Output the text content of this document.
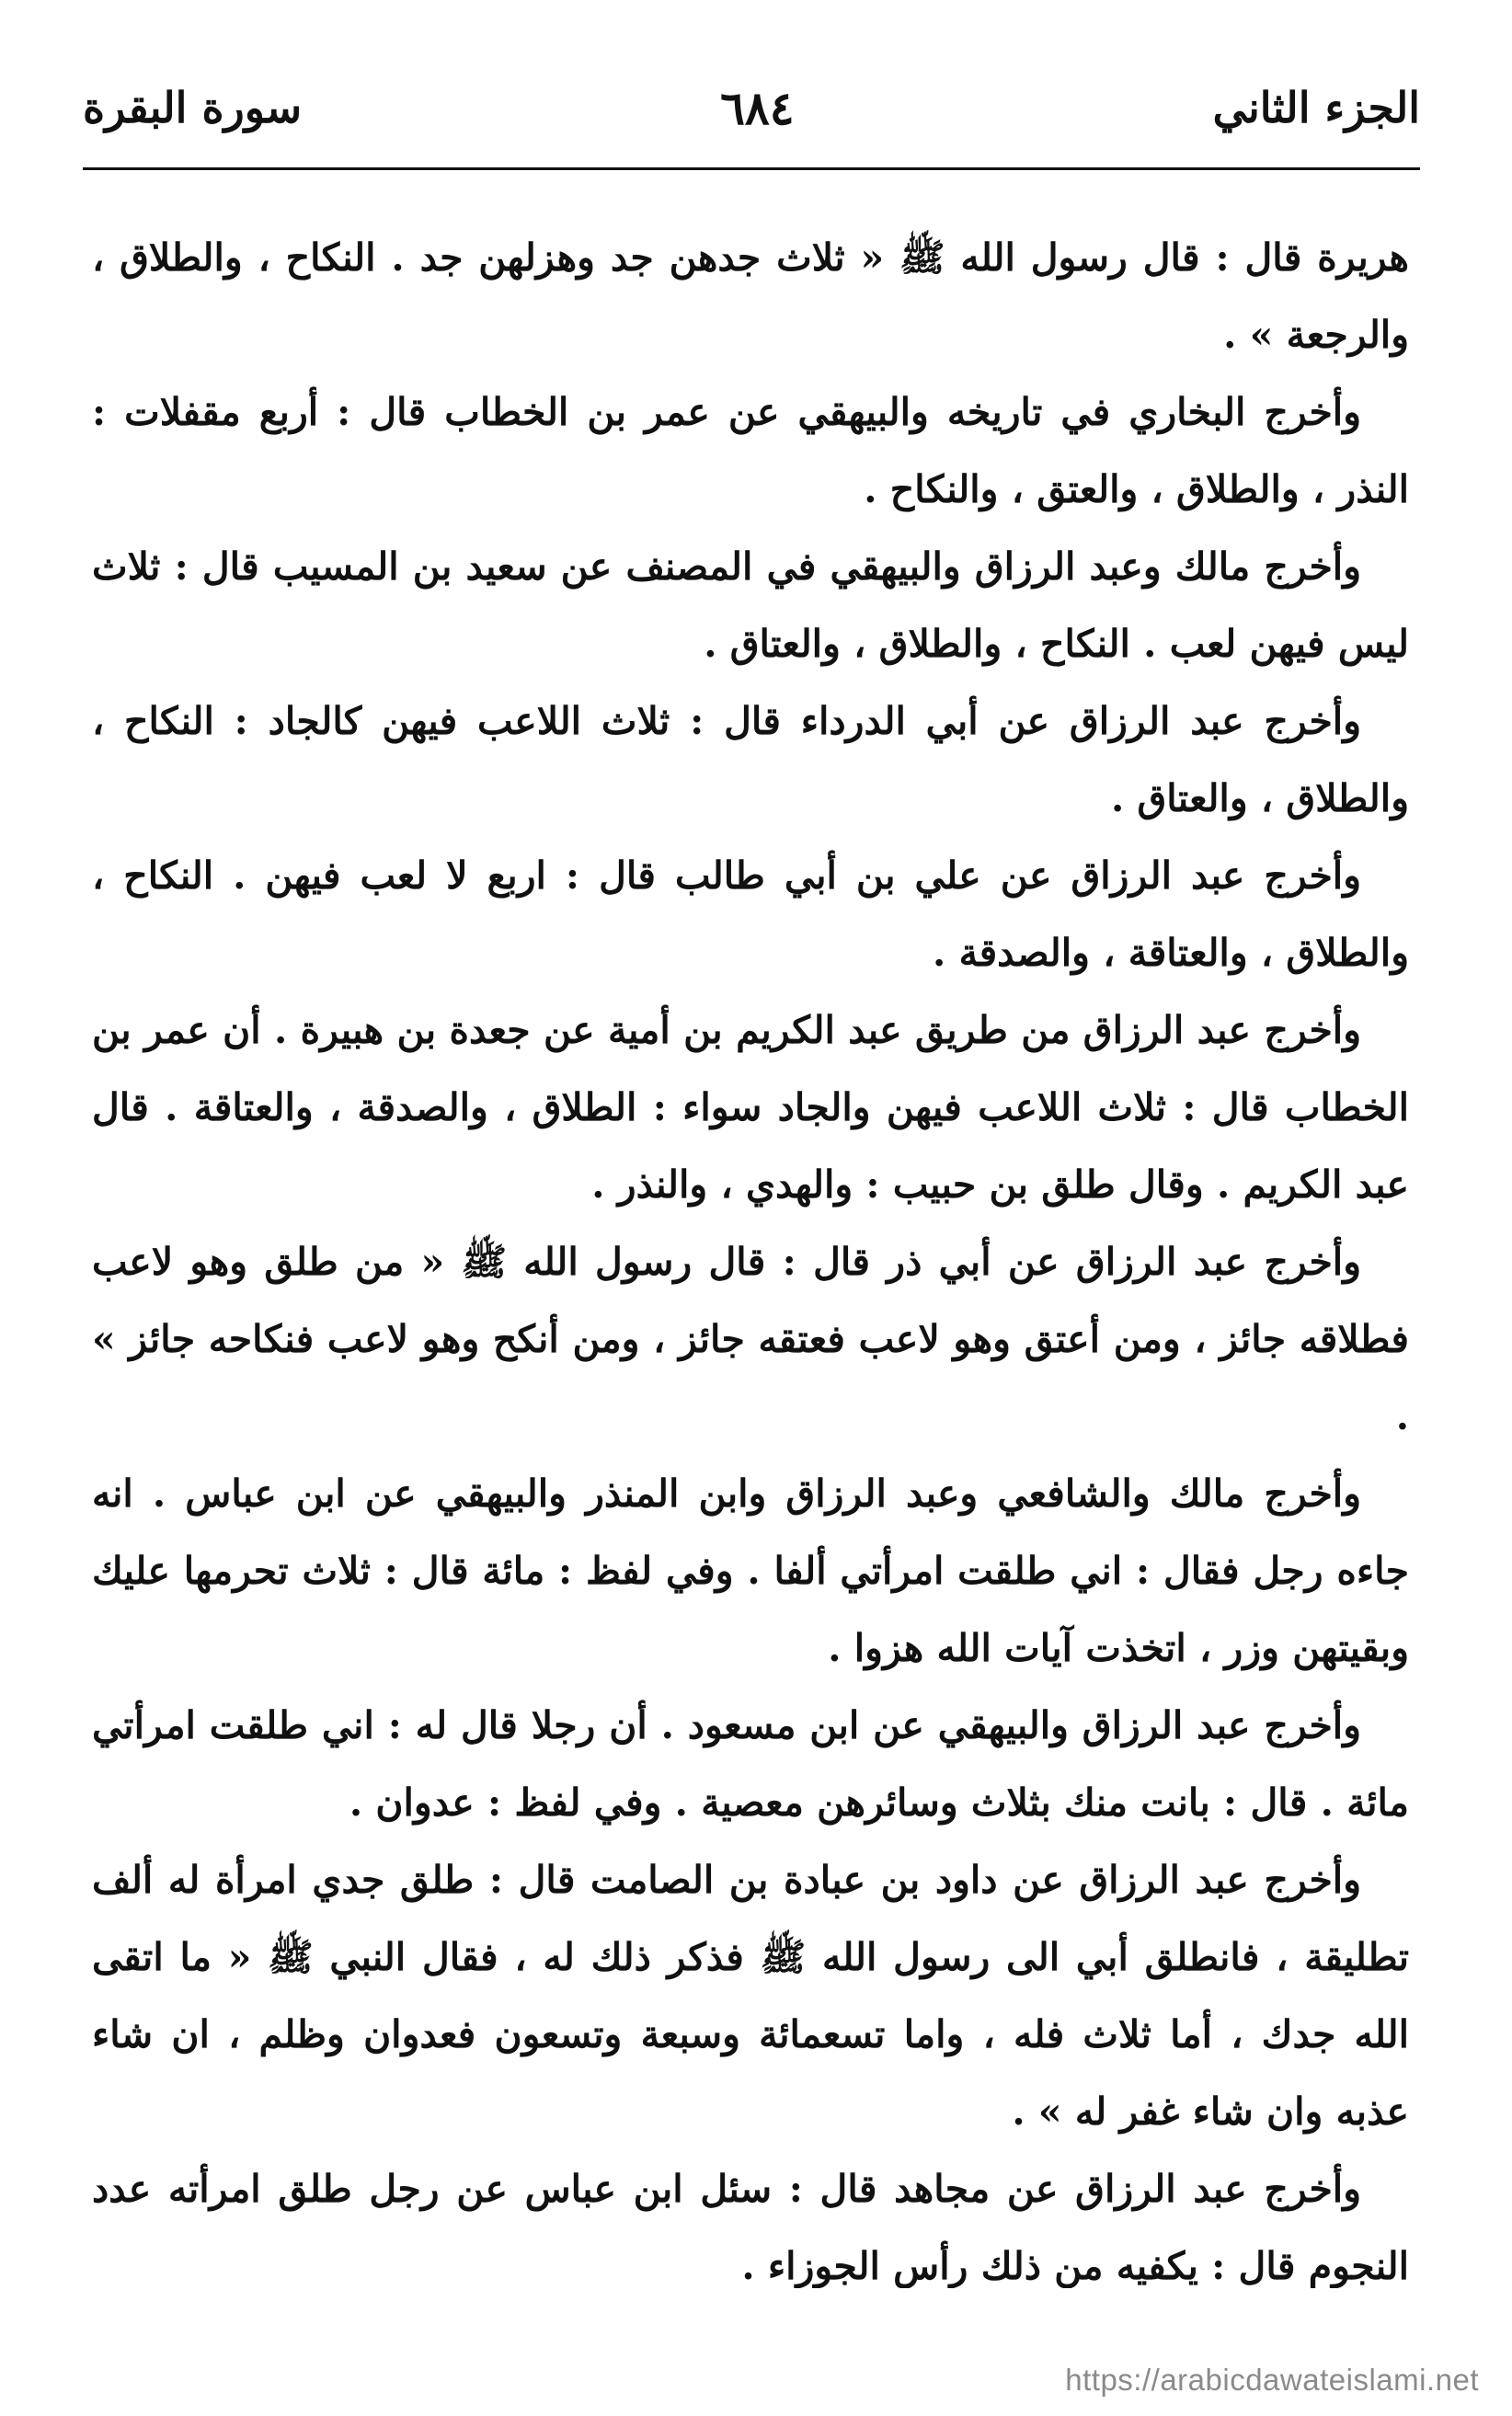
الجزء الثاني
٦٨٤
سورة البقرة

هريرة قال : قال رسول الله ﷺ « ثلاث جدهن جد وهزلهن جد . النكاح ، والطلاق ، والرجعة » .

وأخرج البخاري في تاريخه والبيهقي عن عمر بن الخطاب قال : أربع مقفلات : النذر ، والطلاق ، والعتق ، والنكاح .

وأخرج مالك وعبد الرزاق والبيهقي في المصنف عن سعيد بن المسيب قال : ثلاث ليس فيهن لعب . النكاح ، والطلاق ، والعتاق .

وأخرج عبد الرزاق عن أبي الدرداء قال : ثلاث اللاعب فيهن كالجاد : النكاح ، والطلاق ، والعتاق .

وأخرج عبد الرزاق عن علي بن أبي طالب قال : اربع لا لعب فيهن . النكاح ، والطلاق ، والعتاقة ، والصدقة .

وأخرج عبد الرزاق من طريق عبد الكريم بن أمية عن جعدة بن هبيرة . أن عمر بن الخطاب قال : ثلاث اللاعب فيهن والجاد سواء : الطلاق ، والصدقة ، والعتاقة . قال عبد الكريم . وقال طلق بن حبيب : والهدي ، والنذر .

وأخرج عبد الرزاق عن أبي ذر قال : قال رسول الله ﷺ « من طلق وهو لاعب فطلاقه جائز ، ومن أعتق وهو لاعب فعتقه جائز ، ومن أنكح وهو لاعب فنكاحه جائز » .

وأخرج مالك والشافعي وعبد الرزاق وابن المنذر والبيهقي عن ابن عباس . انه جاءه رجل فقال : اني طلقت امرأتي ألفا . وفي لفظ : مائة قال : ثلاث تحرمها عليك وبقيتهن وزر ، اتخذت آيات الله هزوا .

وأخرج عبد الرزاق والبيهقي عن ابن مسعود . أن رجلا قال له : اني طلقت امرأتي مائة . قال : بانت منك بثلاث وسائرهن معصية . وفي لفظ : عدوان .

وأخرج عبد الرزاق عن داود بن عبادة بن الصامت قال : طلق جدي امرأة له ألف تطليقة ، فانطلق أبي الى رسول الله ﷺ فذكر ذلك له ، فقال النبي ﷺ « ما اتقى الله جدك ، أما ثلاث فله ، واما تسعمائة وسبعة وتسعون فعدوان وظلم ، ان شاء عذبه وان شاء غفر له » .

وأخرج عبد الرزاق عن مجاهد قال : سئل ابن عباس عن رجل طلق امرأته عدد النجوم قال : يكفيه من ذلك رأس الجوزاء .

https://arabicdawateislami.net
